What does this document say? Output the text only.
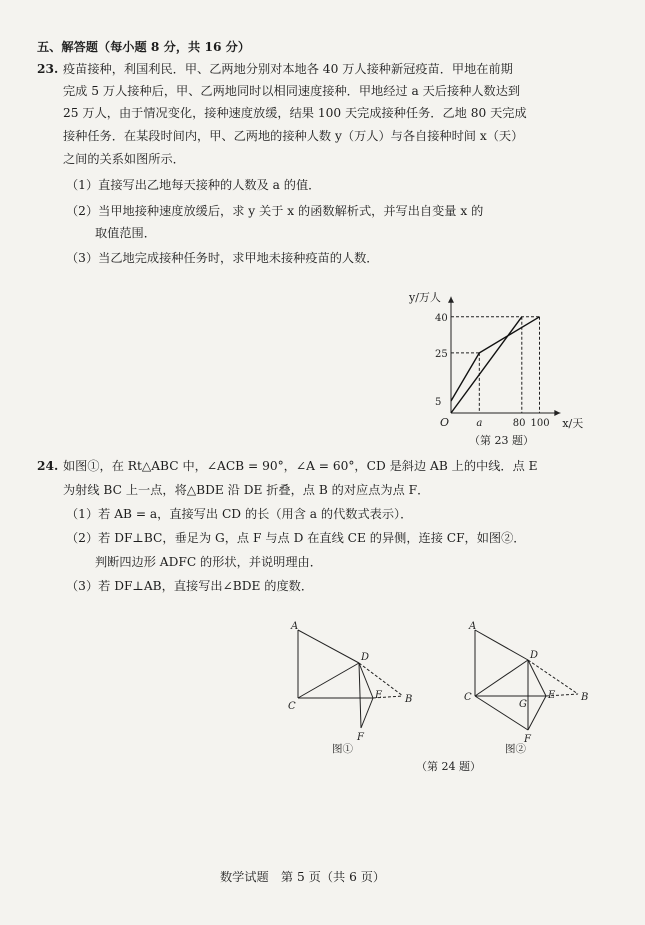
五、解答题（每小题 8 分，共 16 分）
23. 疫苗接种，利国利民．甲、乙两地分别对本地各 40 万人接种新冠疫苗．甲地在前期
完成 5 万人接种后，甲、乙两地同时以相同速度接种．甲地经过 a 天后接种人数达到
25 万人，由于情况变化，接种速度放缓，结果 100 天完成接种任务．乙地 80 天完成
接种任务．在某段时间内，甲、乙两地的接种人数 y（万人）与各自接种时间 x（天）
之间的关系如图所示．
（1）直接写出乙地每天接种的人数及 a 的值．
（2）当甲地接种速度放缓后，求 y 关于 x 的函数解析式，并写出自变量 x 的
取值范围．
（3）当乙地完成接种任务时，求甲地未接种疫苗的人数．
y/万人
x/天
O
5
25
40
a	80 100
（第 23 题）
24. 如图①，在 Rt△ABC 中，∠ACB = 90°，∠A = 60°，CD 是斜边 AB 上的中线．点 E
为射线 BC 上一点，将△BDE 沿 DE 折叠，点 B 的对应点为点 F．
（1）若 AB = a，直接写出 CD 的长（用含 a 的代数式表示）．
（2）若 DF⊥BC，垂足为 G，点 F 与点 D 在直线 CE 的异侧，连接 CF，如图②．
判断四边形 ADFC 的形状，并说明理由．
（3）若 DF⊥AB，直接写出∠BDE 的度数．
A
C
D
E B
F
图①
A
C
D
G
E	B
F
图②
（第 24 题）
数学试题　第 5 页（共 6 页）
